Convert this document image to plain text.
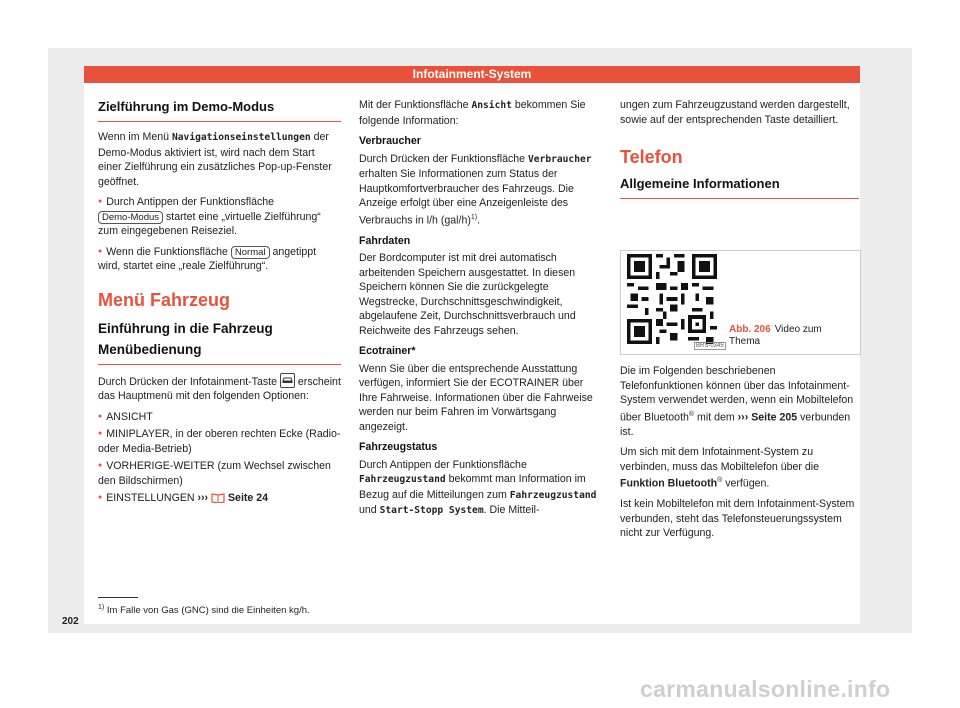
Infotainment-System
Zielführung im Demo-Modus

Wenn im Menü Navigationseinstellungen der Demo-Modus aktiviert ist, wird nach dem Start einer Zielführung ein zusätzliches Pop-up-Fenster geöffnet.

● Durch Antippen der Funktionsfläche
Demo-Modus startet eine „virtuelle Zielführung“ zum eingegebenen Reiseziel.

● Wenn die Funktionsfläche Normal angetippt wird, startet eine „reale Zielführung“.

Menü Fahrzeug
Einführung in die Fahrzeug Menübedienung

Durch Drücken der Infotainment-Taste
erscheint das Hauptmenü mit den folgenden Optionen:

● ANSICHT

● MINIPLAYER, in der oberen rechten Ecke (Radio- oder Media-Betrieb)

● VORHERIGE-WEITER (zum Wechsel zwischen den Bildschirmen)

● EINSTELLUNGEN ››› Seite 24

Mit der Funktionsfläche Ansicht bekommen Sie folgende Information:

Verbraucher

Durch Drücken der Funktionsfläche Verbraucher erhalten Sie Informationen zum Status der Hauptkomfortverbraucher des Fahrzeugs. Die Anzeige erfolgt über eine Anzeigenleiste des Verbrauchs in l/h $(gal/h)^{1)}$.

Fahrdaten

Der Bordcomputer ist mit drei automatisch arbeitenden Speichern ausgestattet. In diesen Speichern können Sie die zurückgelegte Wegstrecke, Durchschnittsgeschwindigkeit, abgelaufene Zeit, Durchschnittsverbrauch und Reichweite des Fahrzeugs sehen.

Ecotrainer*

Wenn Sie über die entsprechende Ausstattung verfügen, informiert Sie der ECOTRAINER über Ihre Fahrweise. Informationen über die Fahrweise werden nur beim Fahren im Vorwärtsgang angezeigt.

Fahrzeugstatus

Durch Antippen der Funktionsfläche Fahrzeugzustand bekommt man Information im Bezug auf die Mitteilungen zum Fahrzeugzustand und Start-Stopp System. Die Mitteil-

ungen zum Fahrzeugzustand werden dargestellt, sowie auf der entsprechenden Taste detailliert.

Telefon
Allgemeine Informationen
BRS-0345
Abb. 206 Video zum Thema

Die im Folgenden beschriebenen Telefonfunktionen können über das Infotainment-System verwendet werden, wenn ein Mobiltelefon über Bluetooth® mit dem ››› Seite 205 verbunden ist.

Um sich mit dem Infotainment-System zu verbinden, muss das Mobiltelefon über die Funktion Bluetooth® verfügen.

Ist kein Mobiltelefon mit dem Infotainment-System verbunden, steht das Telefonsteuerungssystem nicht zur Verfügung.

$^{1)}$ Im Falle von Gas (GNC) sind die Einheiten kg/h.
202
carmanualsonline.info
